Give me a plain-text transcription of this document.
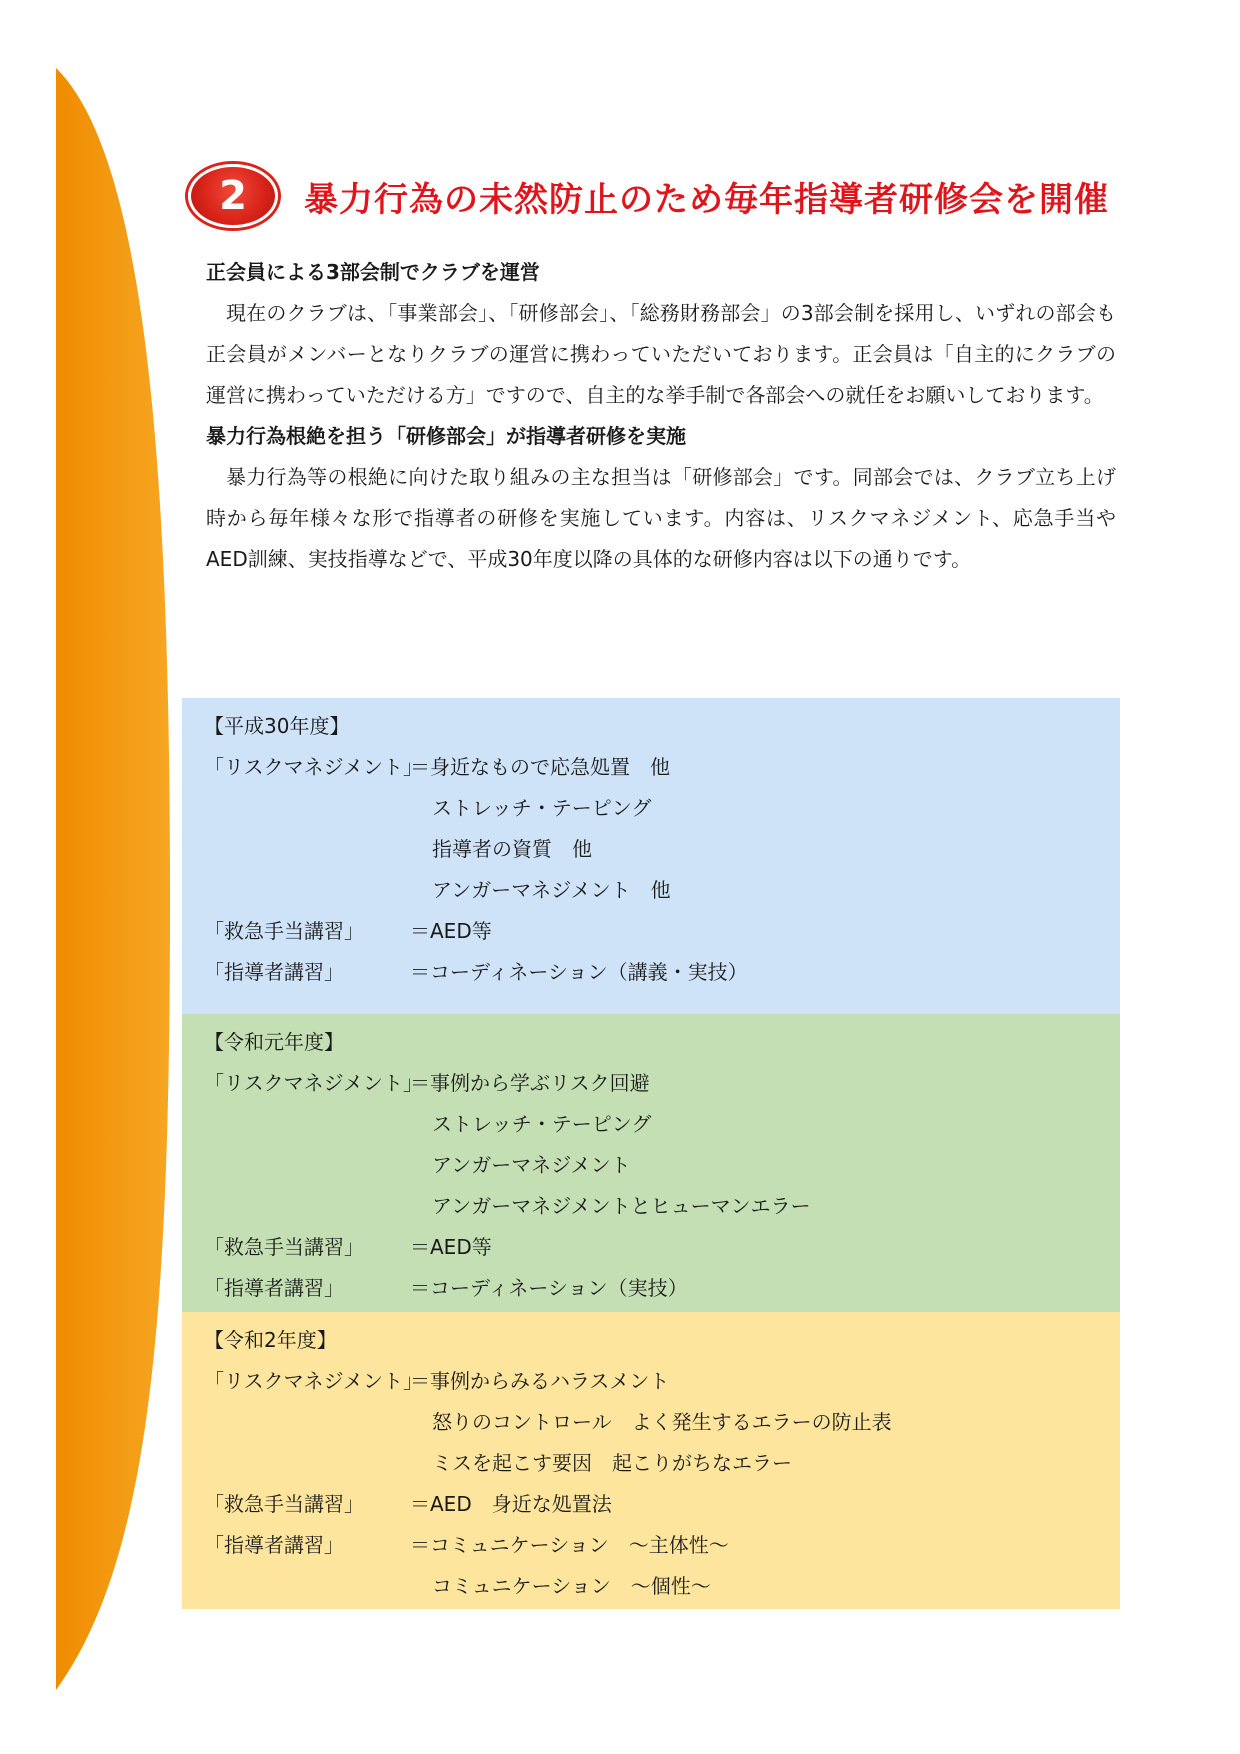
2	暴力行為の未然防止のため毎年指導者研修会を開催

正会員による3部会制でクラブを運営

現在のクラブは、「事業部会」、「研修部会」、「総務財務部会」の3部会制を採用し、いずれの部会も正会員がメンバーとなりクラブの運営に携わっていただいております。正会員は「自主的にクラブの運営に携わっていただける方」ですので、自主的な挙手制で各部会への就任をお願いしております。

暴力行為根絶を担う「研修部会」が指導者研修を実施

暴力行為等の根絶に向けた取り組みの主な担当は「研修部会」です。同部会では、クラブ立ち上げ時から毎年様々な形で指導者の研修を実施しています。内容は、リスクマネジメント、応急手当やAED訓練、実技指導などで、平成30年度以降の具体的な研修内容は以下の通りです。

【平成30年度】
「リスクマネジメント」
＝身近なもので応急処置　他
ストレッチ・テーピング
指導者の資質　他
アンガーマネジメント　他
「救急手当講習」	＝AED等
「指導者講習」	＝コーディネーション（講義・実技）
【令和元年度】
「リスクマネジメント」
＝事例から学ぶリスク回避
ストレッチ・テーピング
アンガーマネジメント
アンガーマネジメントとヒューマンエラー
「救急手当講習」	＝AED等
「指導者講習」	＝コーディネーション（実技）
【令和2年度】
「リスクマネジメント」
＝事例からみるハラスメント
怒りのコントロール　よく発生するエラーの防止表
ミスを起こす要因　起こりがちなエラー
「救急手当講習」	＝AED　身近な処置法
「指導者講習」	＝コミュニケーション　～主体性～
コミュニケーション　～個性～
